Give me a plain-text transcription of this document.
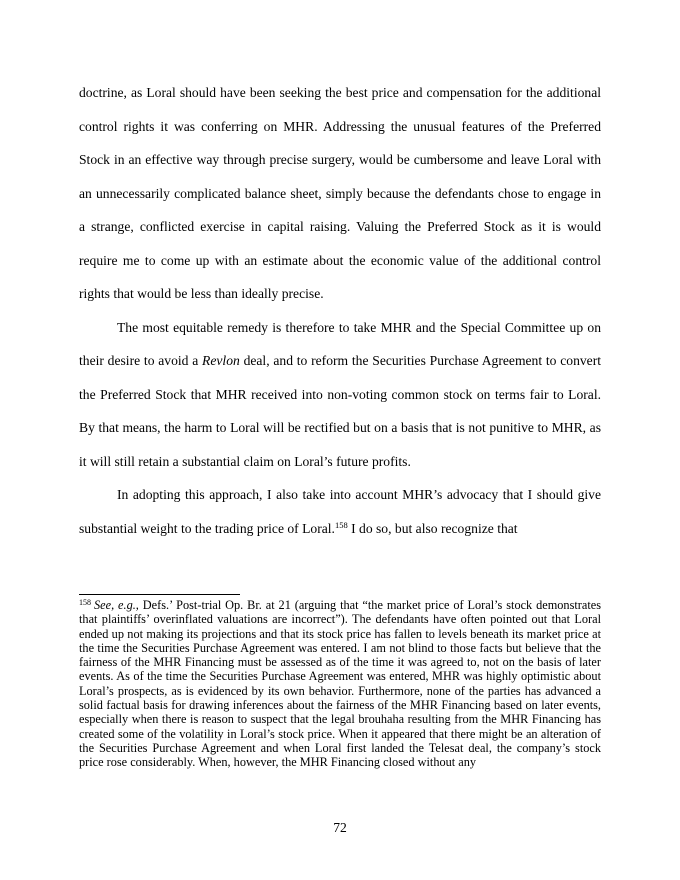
doctrine, as Loral should have been seeking the best price and compensation for the additional control rights it was conferring on MHR. Addressing the unusual features of the Preferred Stock in an effective way through precise surgery, would be cumbersome and leave Loral with an unnecessarily complicated balance sheet, simply because the defendants chose to engage in a strange, conflicted exercise in capital raising. Valuing the Preferred Stock as it is would require me to come up with an estimate about the economic value of the additional control rights that would be less than ideally precise.

The most equitable remedy is therefore to take MHR and the Special Committee up on their desire to avoid a Revlon deal, and to reform the Securities Purchase Agreement to convert the Preferred Stock that MHR received into non-voting common stock on terms fair to Loral. By that means, the harm to Loral will be rectified but on a basis that is not punitive to MHR, as it will still retain a substantial claim on Loral’s future profits.

In adopting this approach, I also take into account MHR’s advocacy that I should give substantial weight to the trading price of Loral.$^{158}$ I do so, but also recognize that

$^{158}$ See, e.g., Defs.’ Post-trial Op. Br. at 21 (arguing that “the market price of Loral’s stock demonstrates that plaintiffs’ overinflated valuations are incorrect”). The defendants have often pointed out that Loral ended up not making its projections and that its stock price has fallen to levels beneath its market price at the time the Securities Purchase Agreement was entered. I am not blind to those facts but believe that the fairness of the MHR Financing must be assessed as of the time it was agreed to, not on the basis of later events. As of the time the Securities Purchase Agreement was entered, MHR was highly optimistic about Loral’s prospects, as is evidenced by its own behavior. Furthermore, none of the parties has advanced a solid factual basis for drawing inferences about the fairness of the MHR Financing based on later events, especially when there is reason to suspect that the legal brouhaha resulting from the MHR Financing has created some of the volatility in Loral’s stock price. When it appeared that there might be an alteration of the Securities Purchase Agreement and when Loral first landed the Telesat deal, the company’s stock price rose considerably. When, however, the MHR Financing closed without any
72
